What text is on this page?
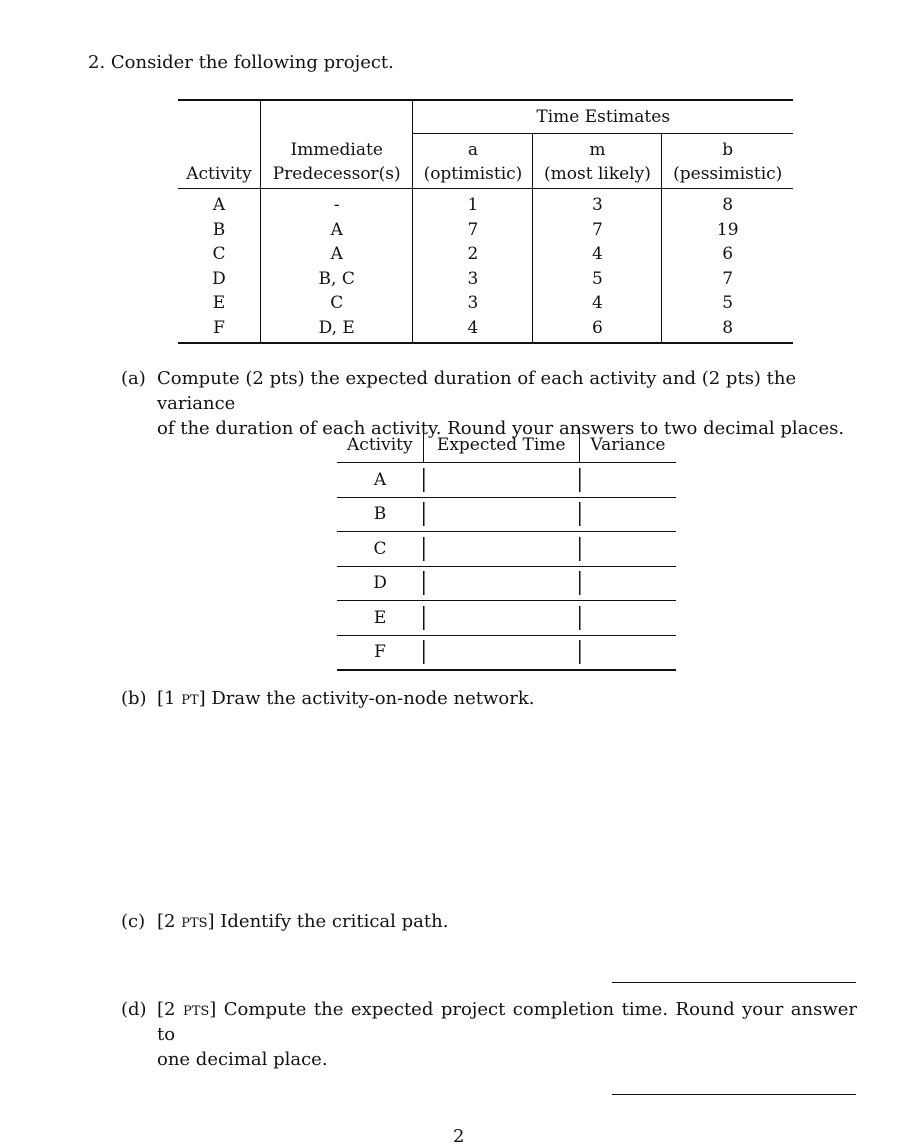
2. Consider the following project.
		Time Estimates		
	Immediate	a	m	b
Activity	Predecessor(s)	(optimistic)	(most likely)	(pessimistic)
A	-	1	3	8
B	A	7	7	19
C	A	2	4	6
D	B, C	3	5	7
E	C	3	4	5
F	D, E	4	6	8
(a) Compute (2 pts) the expected duration of each activity and (2 pts) the variance
of the duration of each activity. Round your answers to two decimal places.
Activity	Expected Time	Variance
A		
B		
C		
D		
E		
F		
(b) [1 pt] Draw the activity-on-node network.
(c) [2 pts] Identify the critical path.
(d) [2 pts] Compute the expected project completion time. Round your answer to
one decimal place.
2
